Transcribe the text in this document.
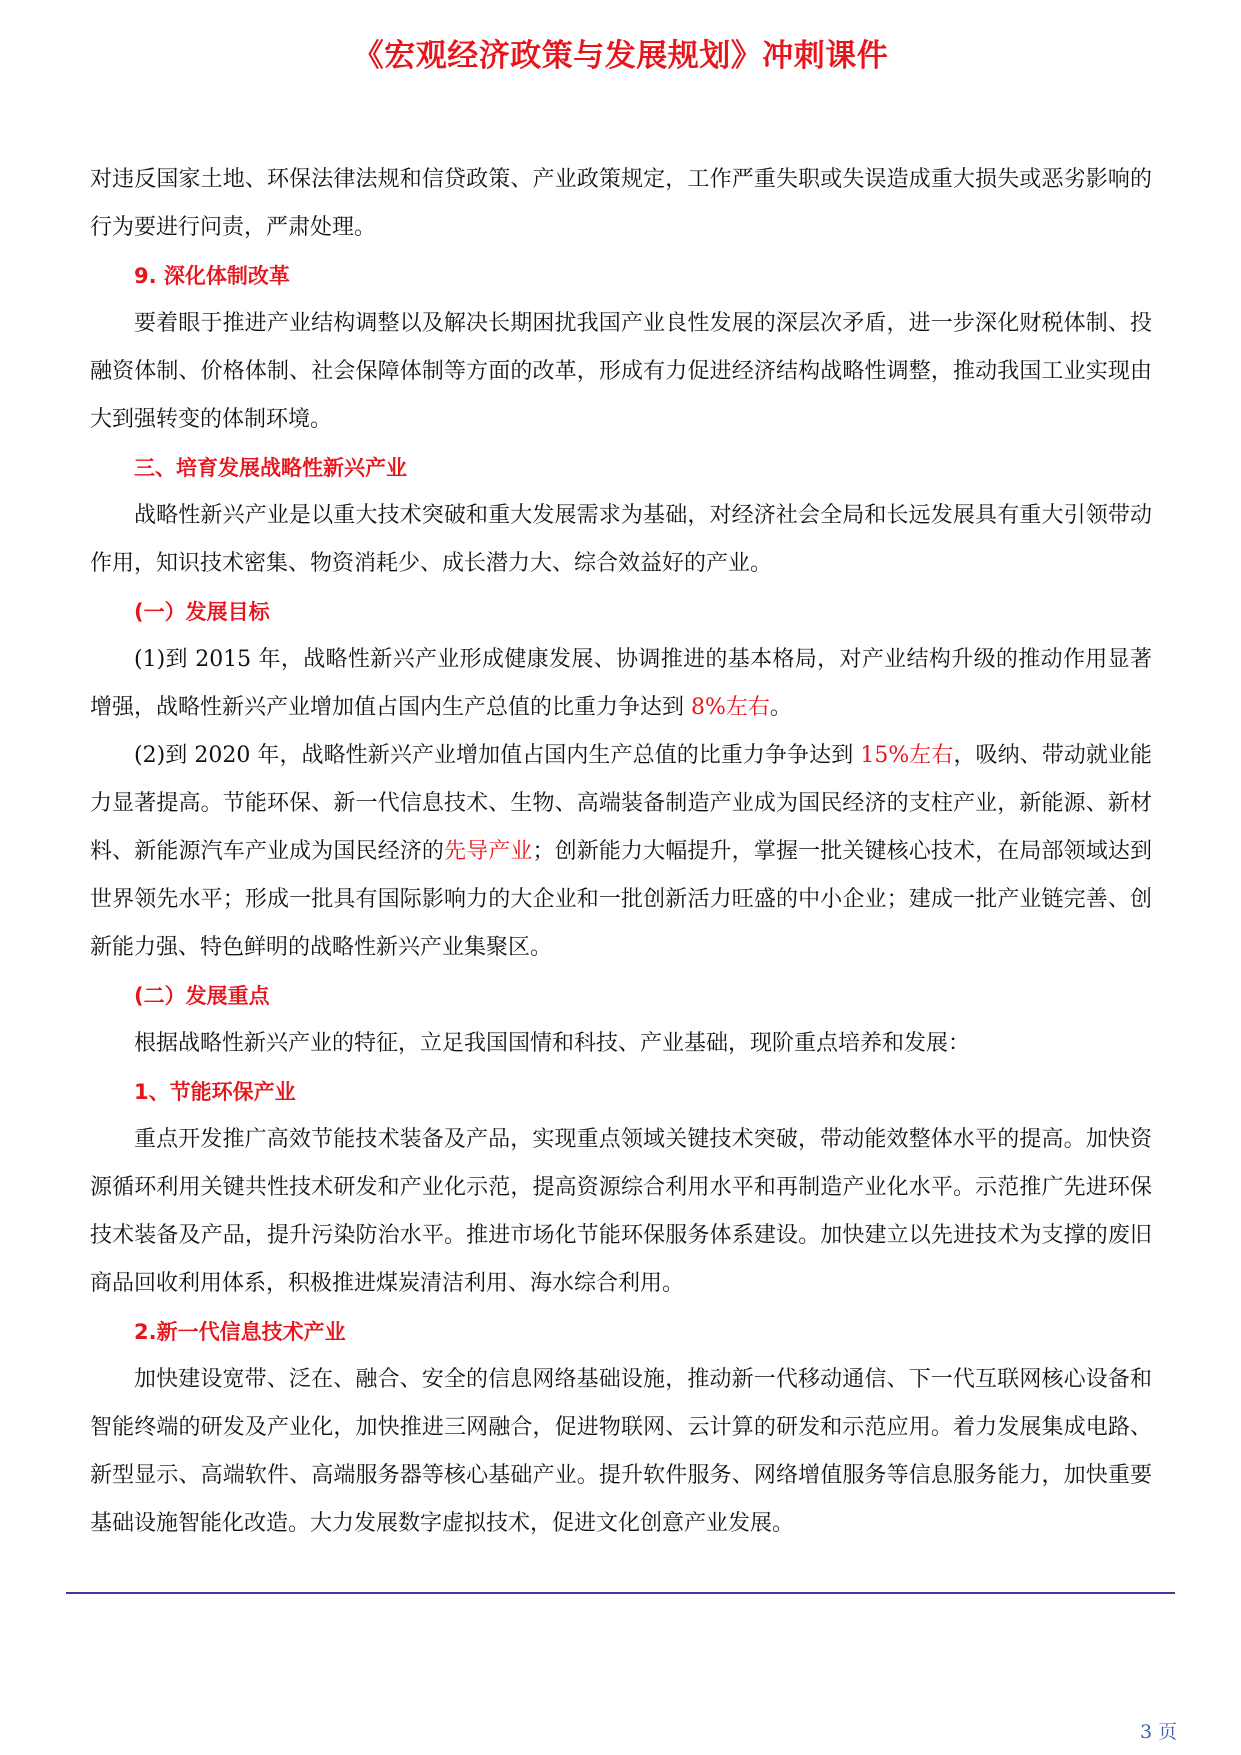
《宏观经济政策与发展规划》冲刺课件

对违反国家土地、环保法律法规和信贷政策、产业政策规定，工作严重失职或失误造成重大损失或恶劣影响的行为要进行问责，严肃处理。

9. 深化体制改革

要着眼于推进产业结构调整以及解决长期困扰我国产业良性发展的深层次矛盾，进一步深化财税体制、投融资体制、价格体制、社会保障体制等方面的改革，形成有力促进经济结构战略性调整，推动我国工业实现由大到强转变的体制环境。

三、培育发展战略性新兴产业

战略性新兴产业是以重大技术突破和重大发展需求为基础，对经济社会全局和长远发展具有重大引领带动作用，知识技术密集、物资消耗少、成长潜力大、综合效益好的产业。

(一）发展目标

(1)到 2015 年，战略性新兴产业形成健康发展、协调推进的基本格局，对产业结构升级的推动作用显著增强，战略性新兴产业增加值占国内生产总值的比重力争达到 8%左右。

(2)到 2020 年，战略性新兴产业增加值占国内生产总值的比重力争争达到 15%左右，吸纳、带动就业能力显著提高。节能环保、新一代信息技术、生物、高端装备制造产业成为国民经济的支柱产业，新能源、新材料、新能源汽车产业成为国民经济的先导产业；创新能力大幅提升，掌握一批关键核心技术，在局部领域达到世界领先水平；形成一批具有国际影响力的大企业和一批创新活力旺盛的中小企业；建成一批产业链完善、创新能力强、特色鲜明的战略性新兴产业集聚区。

(二）发展重点

根据战略性新兴产业的特征，立足我国国情和科技、产业基础，现阶重点培养和发展：

1、节能环保产业

重点开发推广高效节能技术装备及产品，实现重点领域关键技术突破，带动能效整体水平的提高。加快资源循环利用关键共性技术研发和产业化示范，提高资源综合利用水平和再制造产业化水平。示范推广先进环保技术装备及产品，提升污染防治水平。推进市场化节能环保服务体系建设。加快建立以先进技术为支撑的废旧商品回收利用体系，积极推进煤炭清洁利用、海水综合利用。

2.新一代信息技术产业

加快建设宽带、泛在、融合、安全的信息网络基础设施，推动新一代移动通信、下一代互联网核心设备和智能终端的研发及产业化，加快推进三网融合，促进物联网、云计算的研发和示范应用。着力发展集成电路、新型显示、高端软件、高端服务器等核心基础产业。提升软件服务、网络增值服务等信息服务能力，加快重要基础设施智能化改造。大力发展数字虚拟技术，促进文化创意产业发展。

3 页
